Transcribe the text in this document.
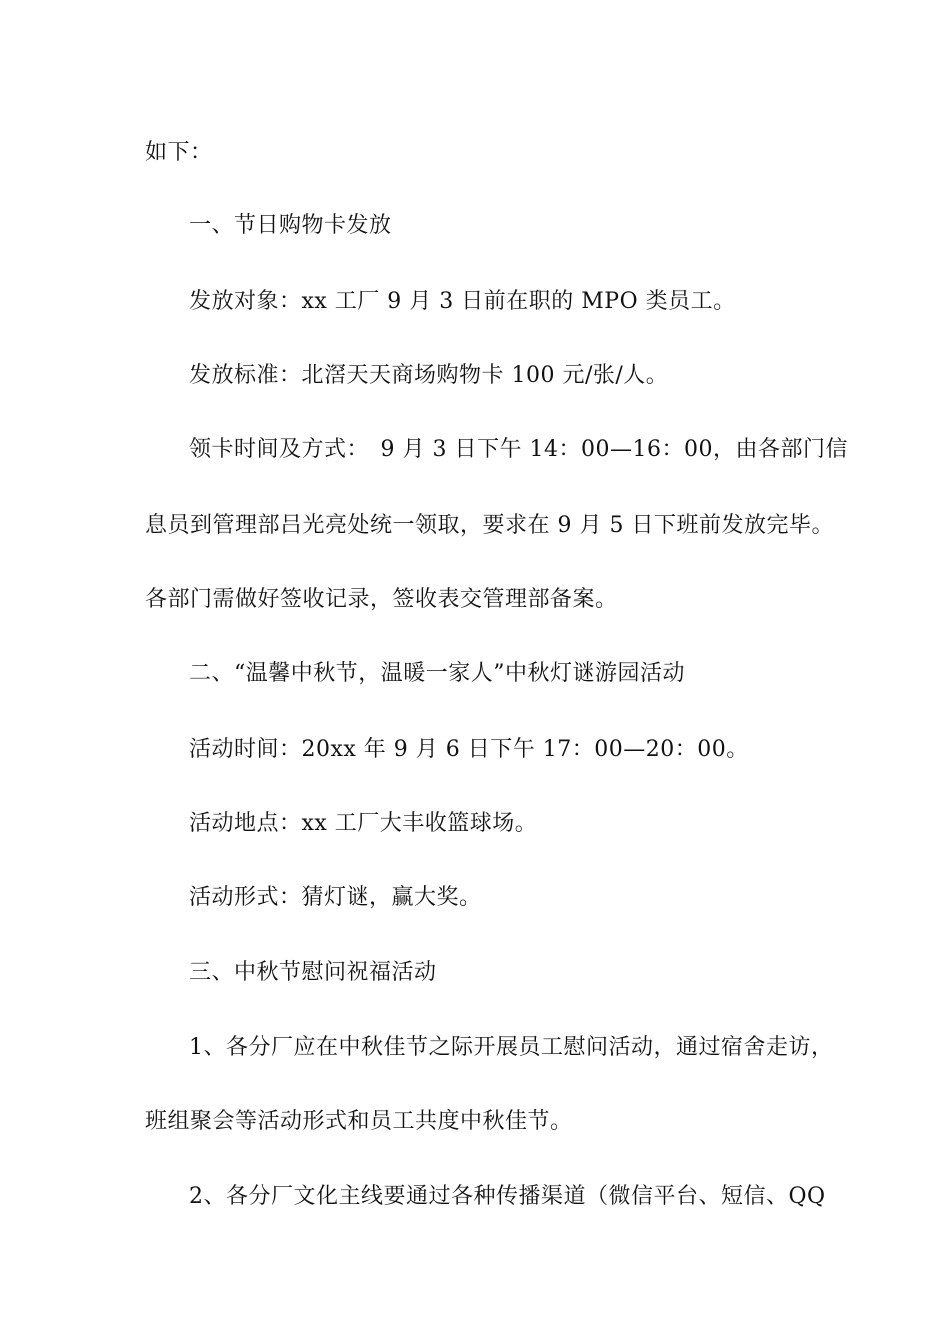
如下：
一、节日购物卡发放
发放对象：xx 工厂 9 月 3 日前在职的 MPO 类员工。
发放标准：北滘天天商场购物卡 100 元/张/人。
领卡时间及方式：　9 月 3 日下午 14：00—16：00，由各部门信
息员到管理部吕光亮处统一领取，要求在 9 月 5 日下班前发放完毕。
各部门需做好签收记录，签收表交管理部备案。
二、“温馨中秋节，温暖一家人”中秋灯谜游园活动
活动时间：20xx 年 9 月 6 日下午 17：00—20：00。
活动地点：xx 工厂大丰收篮球场。
活动形式：猜灯谜，赢大奖。
三、中秋节慰问祝福活动
1、各分厂应在中秋佳节之际开展员工慰问活动，通过宿舍走访，
班组聚会等活动形式和员工共度中秋佳节。
2、各分厂文化主线要通过各种传播渠道（微信平台、短信、QQ
